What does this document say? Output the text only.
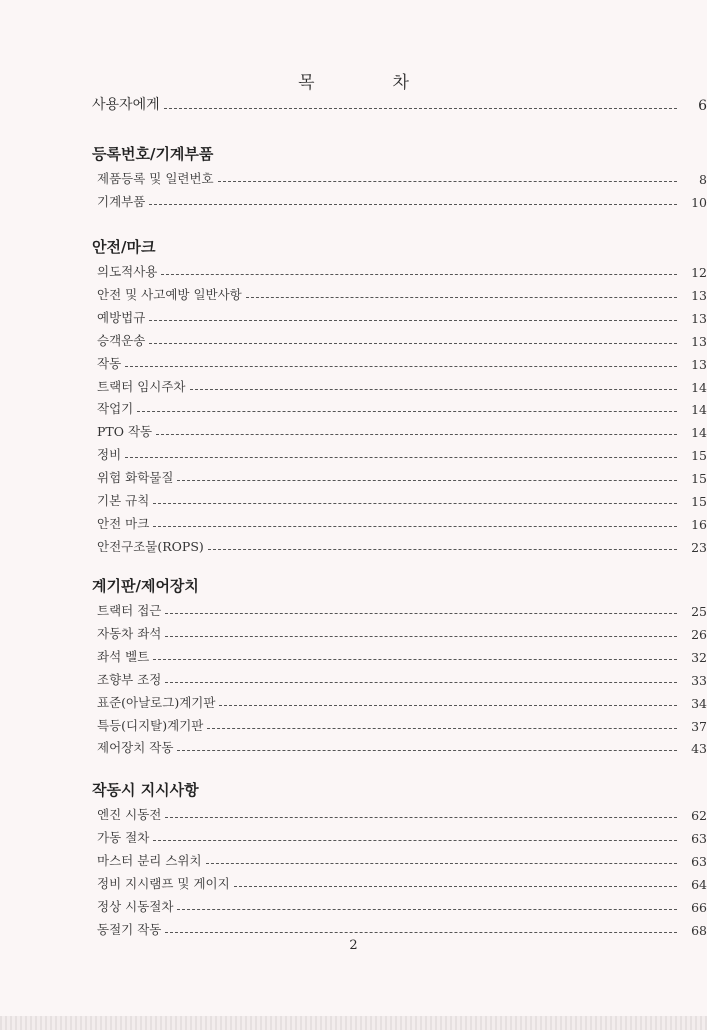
목	차
사용자에게	6
등록번호/기계부품
제품등록 및 일련번호	8
기계부품	10
안전/마크
의도적사용	12
안전 및 사고예방 일반사항	13
예방법규	13
승객운송	13
작동	13
트랙터 임시주차	14
작업기	14
PTO 작동	14
정비	15
위험 화학물질	15
기본 규칙	15
안전 마크	16
안전구조물(ROPS)	23
계기판/제어장치
트랙터 접근	25
자동차 좌석	26
좌석 벨트	32
조향부 조정	33
표준(아날로그)계기판	34
특등(디지탈)계기판	37
제어장치 작동	43
작동시 지시사항
엔진 시동전	62
가동 절차	63
마스터 분리 스위치	63
정비 지시램프 및 게이지	64
정상 시동절차	66
동절기 작동	68
2
